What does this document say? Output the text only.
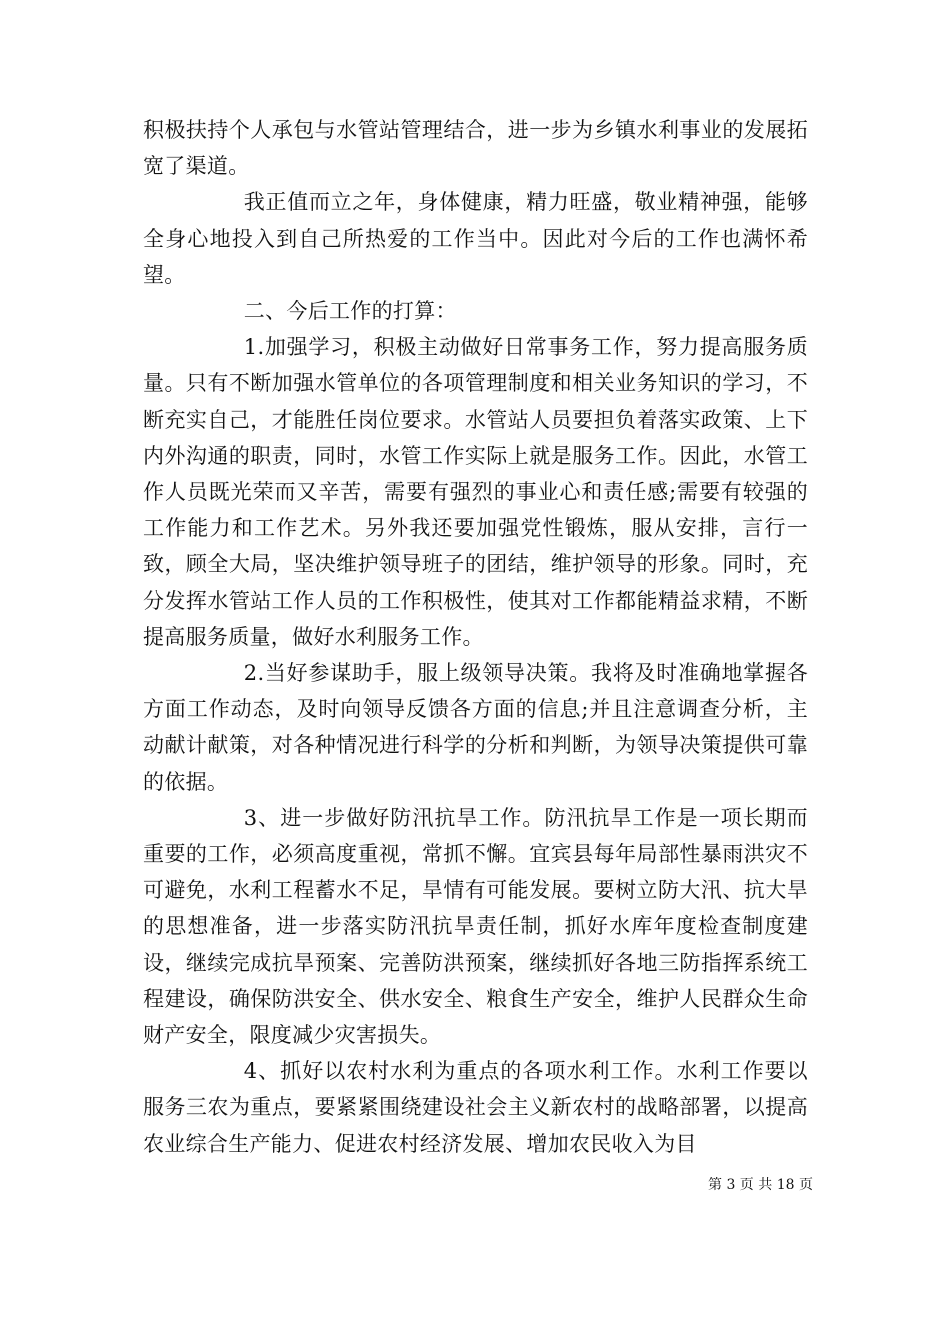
积极扶持个人承包与水管站管理结合，进一步为乡镇水利事业的发展拓宽了渠道。

我正值而立之年，身体健康，精力旺盛，敬业精神强，能够全身心地投入到自己所热爱的工作当中。因此对今后的工作也满怀希望。

二、今后工作的打算：

1.加强学习，积极主动做好日常事务工作，努力提高服务质量。只有不断加强水管单位的各项管理制度和相关业务知识的学习，不断充实自己，才能胜任岗位要求。水管站人员要担负着落实政策、上下内外沟通的职责，同时，水管工作实际上就是服务工作。因此，水管工作人员既光荣而又辛苦，需要有强烈的事业心和责任感;需要有较强的工作能力和工作艺术。另外我还要加强党性锻炼，服从安排，言行一致，顾全大局，坚决维护领导班子的团结，维护领导的形象。同时，充分发挥水管站工作人员的工作积极性，使其对工作都能精益求精，不断提高服务质量，做好水利服务工作。

2.当好参谋助手，服上级领导决策。我将及时准确地掌握各方面工作动态，及时向领导反馈各方面的信息;并且注意调查分析，主动献计献策，对各种情况进行科学的分析和判断，为领导决策提供可靠的依据。

3、进一步做好防汛抗旱工作。防汛抗旱工作是一项长期而重要的工作，必须高度重视，常抓不懈。宜宾县每年局部性暴雨洪灾不可避免，水利工程蓄水不足，旱情有可能发展。要树立防大汛、抗大旱的思想准备，进一步落实防汛抗旱责任制，抓好水库年度检查制度建设，继续完成抗旱预案、完善防洪预案，继续抓好各地三防指挥系统工程建设，确保防洪安全、供水安全、粮食生产安全，维护人民群众生命财产安全，限度减少灾害损失。

4、抓好以农村水利为重点的各项水利工作。水利工作要以服务三农为重点，要紧紧围绕建设社会主义新农村的战略部署，以提高农业综合生产能力、促进农村经济发展、增加农民收入为目

第 3 页 共 18 页
